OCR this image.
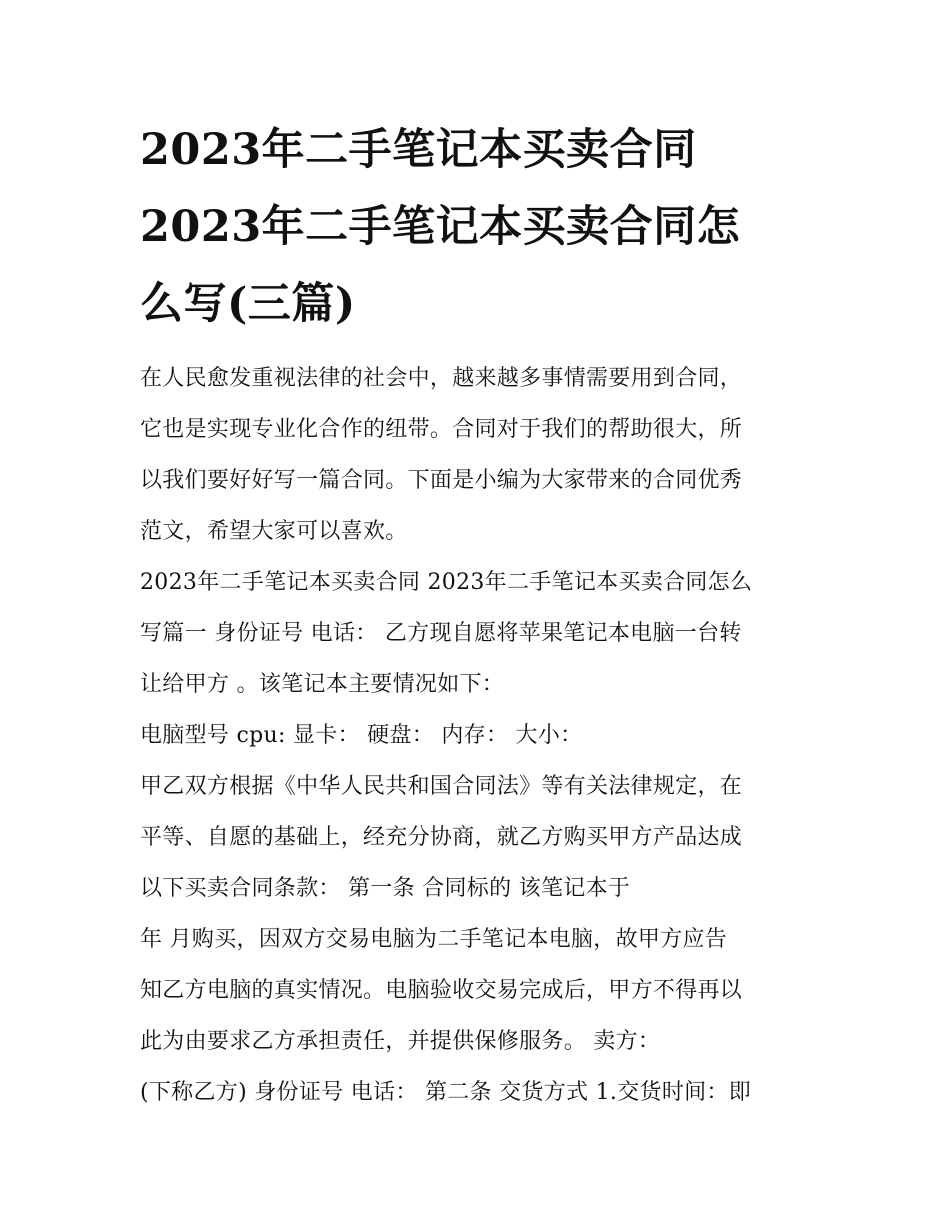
2023年二手笔记本买卖合同
2023年二手笔记本买卖合同怎
么写(三篇)
在人民愈发重视法律的社会中，越来越多事情需要用到合同，
它也是实现专业化合作的纽带。合同对于我们的帮助很大，所
以我们要好好写一篇合同。下面是小编为大家带来的合同优秀
范文，希望大家可以喜欢。
2023年二手笔记本买卖合同 2023年二手笔记本买卖合同怎么
写篇一 身份证号 电话： 乙方现自愿将苹果笔记本电脑一台转
让给甲方 。该笔记本主要情况如下：
电脑型号 cpu: 显卡： 硬盘： 内存： 大小：
甲乙双方根据《中华人民共和国合同法》等有关法律规定，在
平等、自愿的基础上，经充分协商，就乙方购买甲方产品达成
以下买卖合同条款： 第一条 合同标的 该笔记本于
年 月购买，因双方交易电脑为二手笔记本电脑，故甲方应告
知乙方电脑的真实情况。电脑验收交易完成后，甲方不得再以
此为由要求乙方承担责任，并提供保修服务。 卖方：
(下称乙方) 身份证号 电话： 第二条 交货方式 1.交货时间：即
